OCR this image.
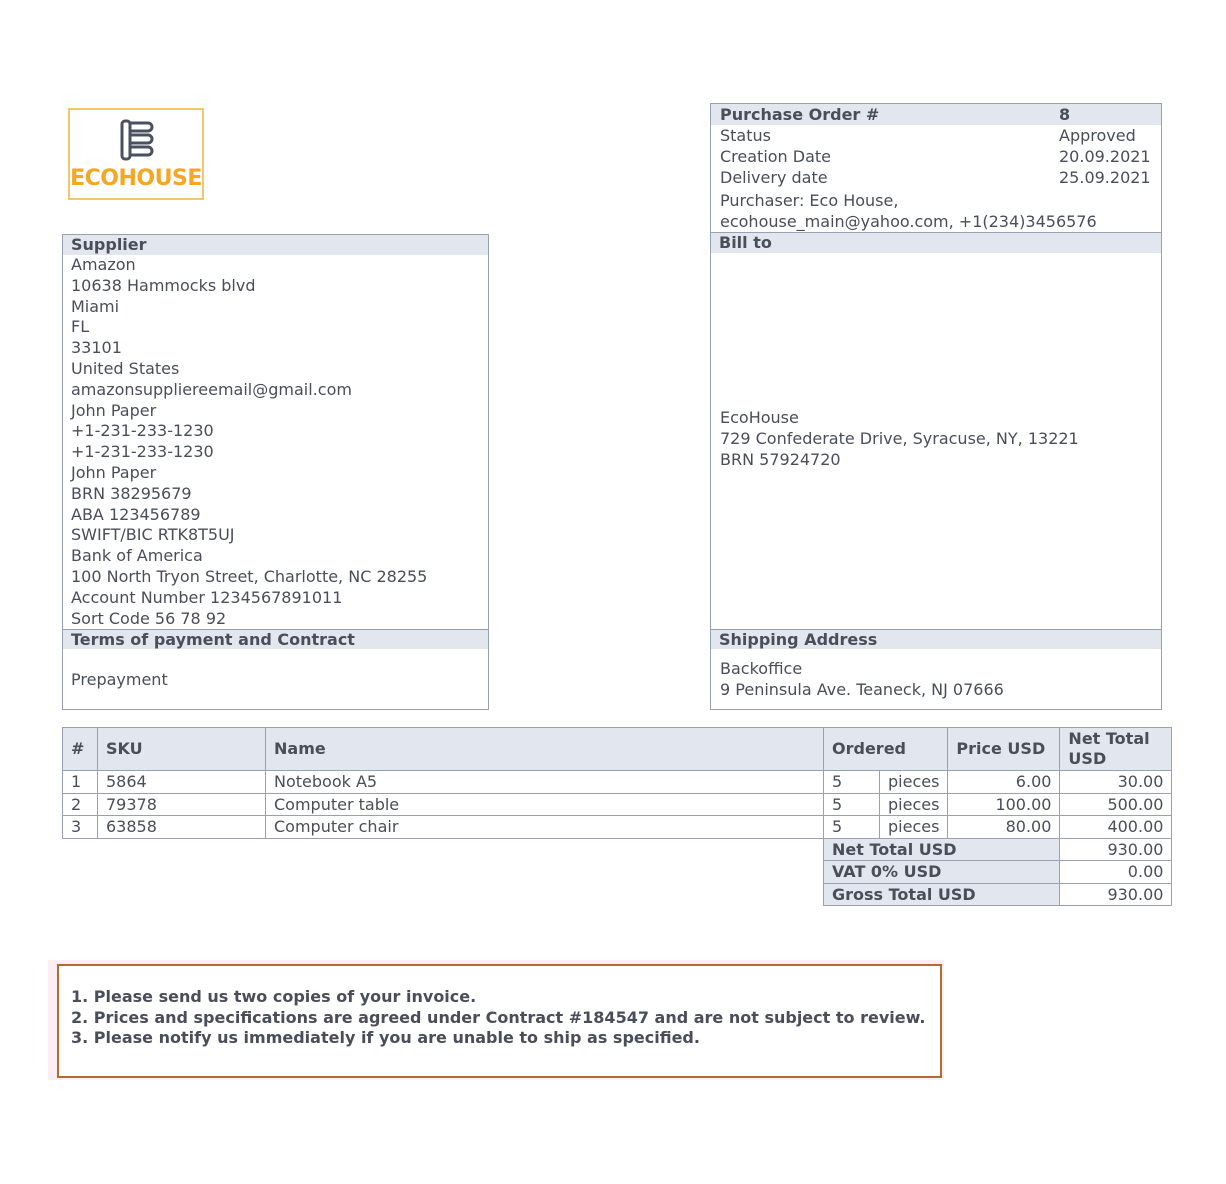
ECOHOUSE
Purchase Order #	8
Status	Approved
Creation Date	20.09.2021
Delivery date	25.09.2021
Purchaser: Eco House,
ecohouse_main@yahoo.com, +1(234)3456576
Bill to
EcoHouse
729 Confederate Drive, Syracuse, NY, 13221
BRN 57924720
Shipping Address
Backoffice
9 Peninsula Ave. Teaneck, NJ 07666
Supplier
Amazon
10638 Hammocks blvd
Miami
FL
33101
United States
amazonsuppliereemail@gmail.com
John Paper
+1-231-233-1230
+1-231-233-1230
John Paper
BRN 38295679
ABA 123456789
SWIFT/BIC RTK8T5UJ
Bank of America
100 North Tryon Street, Charlotte, NC 28255
Account Number 1234567891011
Sort Code 56 78 92
Terms of payment and Contract
Prepayment
#	SKU	Name	Ordered		Price USD	Net Total
USD

1	5864	Notebook A5	5	pieces	6.00	30.00
2	79378	Computer table	5	pieces	100.00	500.00
3	63858	Computer chair	5	pieces	80.00	400.00
			Net Total USD			930.00
			VAT 0% USD			0.00
			Gross Total USD			930.00
1. Please send us two copies of your invoice.
2. Prices and specifications are agreed under Contract #184547 and are not subject to review.
3. Please notify us immediately if you are unable to ship as specified.
